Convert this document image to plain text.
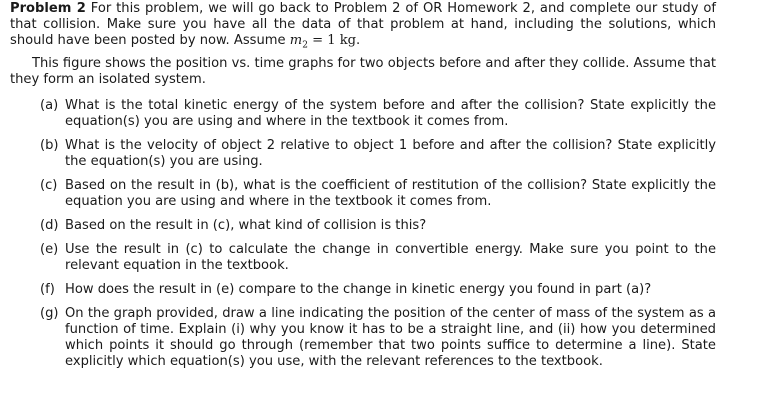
Problem 2 For this problem, we will go back to Problem 2 of OR Homework 2, and complete our study of that collision. Make sure you have all the data of that problem at hand, including the solutions, which should have been posted by now. Assume $m_2 = 1$ kg.

This figure shows the position vs. time graphs for two objects before and after they collide. Assume that they form an isolated system.

(a) What is the total kinetic energy of the system before and after the collision? State explicitly the equation(s) you are using and where in the textbook it comes from.
(b) What is the velocity of object 2 relative to object 1 before and after the collision? State explicitly the equation(s) you are using.
(c) Based on the result in (b), what is the coefficient of restitution of the collision? State explicitly the equation you are using and where in the textbook it comes from.
(d) Based on the result in (c), what kind of collision is this?
(e) Use the result in (c) to calculate the change in convertible energy. Make sure you point to the relevant equation in the textbook.
(f) How does the result in (e) compare to the change in kinetic energy you found in part (a)?
(g) On the graph provided, draw a line indicating the position of the center of mass of the system as a function of time. Explain (i) why you know it has to be a straight line, and (ii) how you determined which points it should go through (remember that two points suffice to determine a line). State explicitly which equation(s) you use, with the relevant references to the textbook.
